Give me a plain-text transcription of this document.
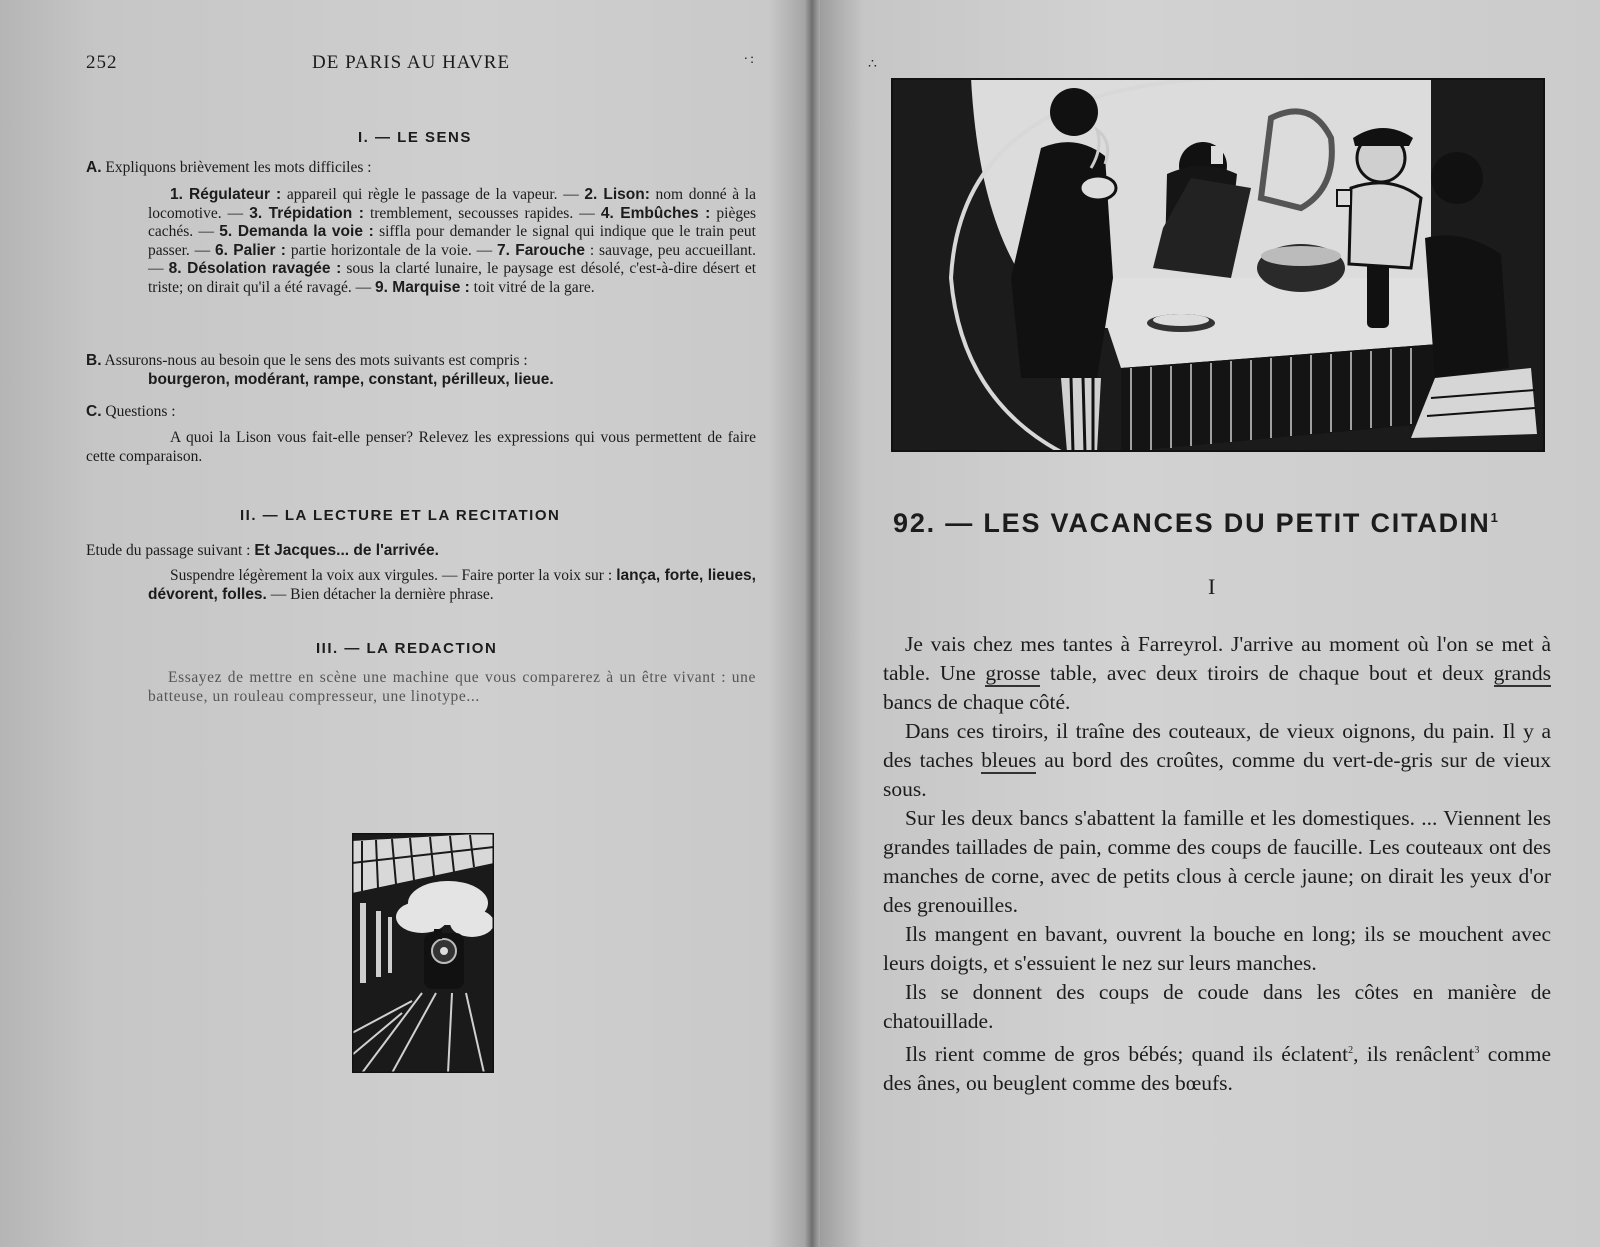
252	DE PARIS AU HAVRE	·:
I. — LE SENS
A. Expliquons brièvement les mots difficiles :
1. Régulateur : appareil qui règle le passage de la vapeur. — 2. Lison: nom donné à la locomotive. — 3. Trépidation : tremblement, secousses rapides. — 4. Embûches : pièges cachés. — 5. Demanda la voie : siffla pour demander le signal qui indique que le train peut passer. — 6. Palier : partie horizontale de la voie. — 7. Farouche : sauvage, peu accueillant. — 8. Désolation ravagée : sous la clarté lunaire, le paysage est désolé, c'est-à-dire désert et triste; on dirait qu'il a été ravagé. — 9. Marquise : toit vitré de la gare.
B. Assurons-nous au besoin que le sens des mots suivants est compris :
bourgeron, modérant, rampe, constant, périlleux, lieue.
C. Questions :
A quoi la Lison vous fait-elle penser? Relevez les expressions qui vous permettent de faire cette comparaison.
II. — LA LECTURE ET LA RECITATION
Etude du passage suivant : Et Jacques... de l'arrivée.
Suspendre légèrement la voix aux virgules. — Faire porter la voix sur : lança, forte, lieues, dévorent, folles. — Bien détacher la dernière phrase.
III. — LA REDACTION
Essayez de mettre en scène une machine que vous comparerez à un être vivant : une batteuse, un rouleau compresseur, une linotype...
∴
92. — LES VACANCES DU PETIT CITADIN$^1$
I

Je vais chez mes tantes à Farreyrol. J'arrive au moment où l'on se met à table. Une grosse table, avec deux tiroirs de chaque bout et deux grands bancs de chaque côté.

Dans ces tiroirs, il traîne des couteaux, de vieux oignons, du pain. Il y a des taches bleues au bord des croûtes, comme du vert-de-gris sur de vieux sous.

Sur les deux bancs s'abattent la famille et les domestiques. ... Viennent les grandes taillades de pain, comme des coups de faucille. Les couteaux ont des manches de corne, avec de petits clous à cercle jaune; on dirait les yeux d'or des grenouilles.

Ils mangent en bavant, ouvrent la bouche en long; ils se mouchent avec leurs doigts, et s'essuient le nez sur leurs manches.

Ils se donnent des coups de coude dans les côtes en manière de chatouillade.

Ils rient comme de gros bébés; quand ils éclatent$^2$, ils renâclent$^3$ comme des ânes, ou beuglent comme des bœufs.
